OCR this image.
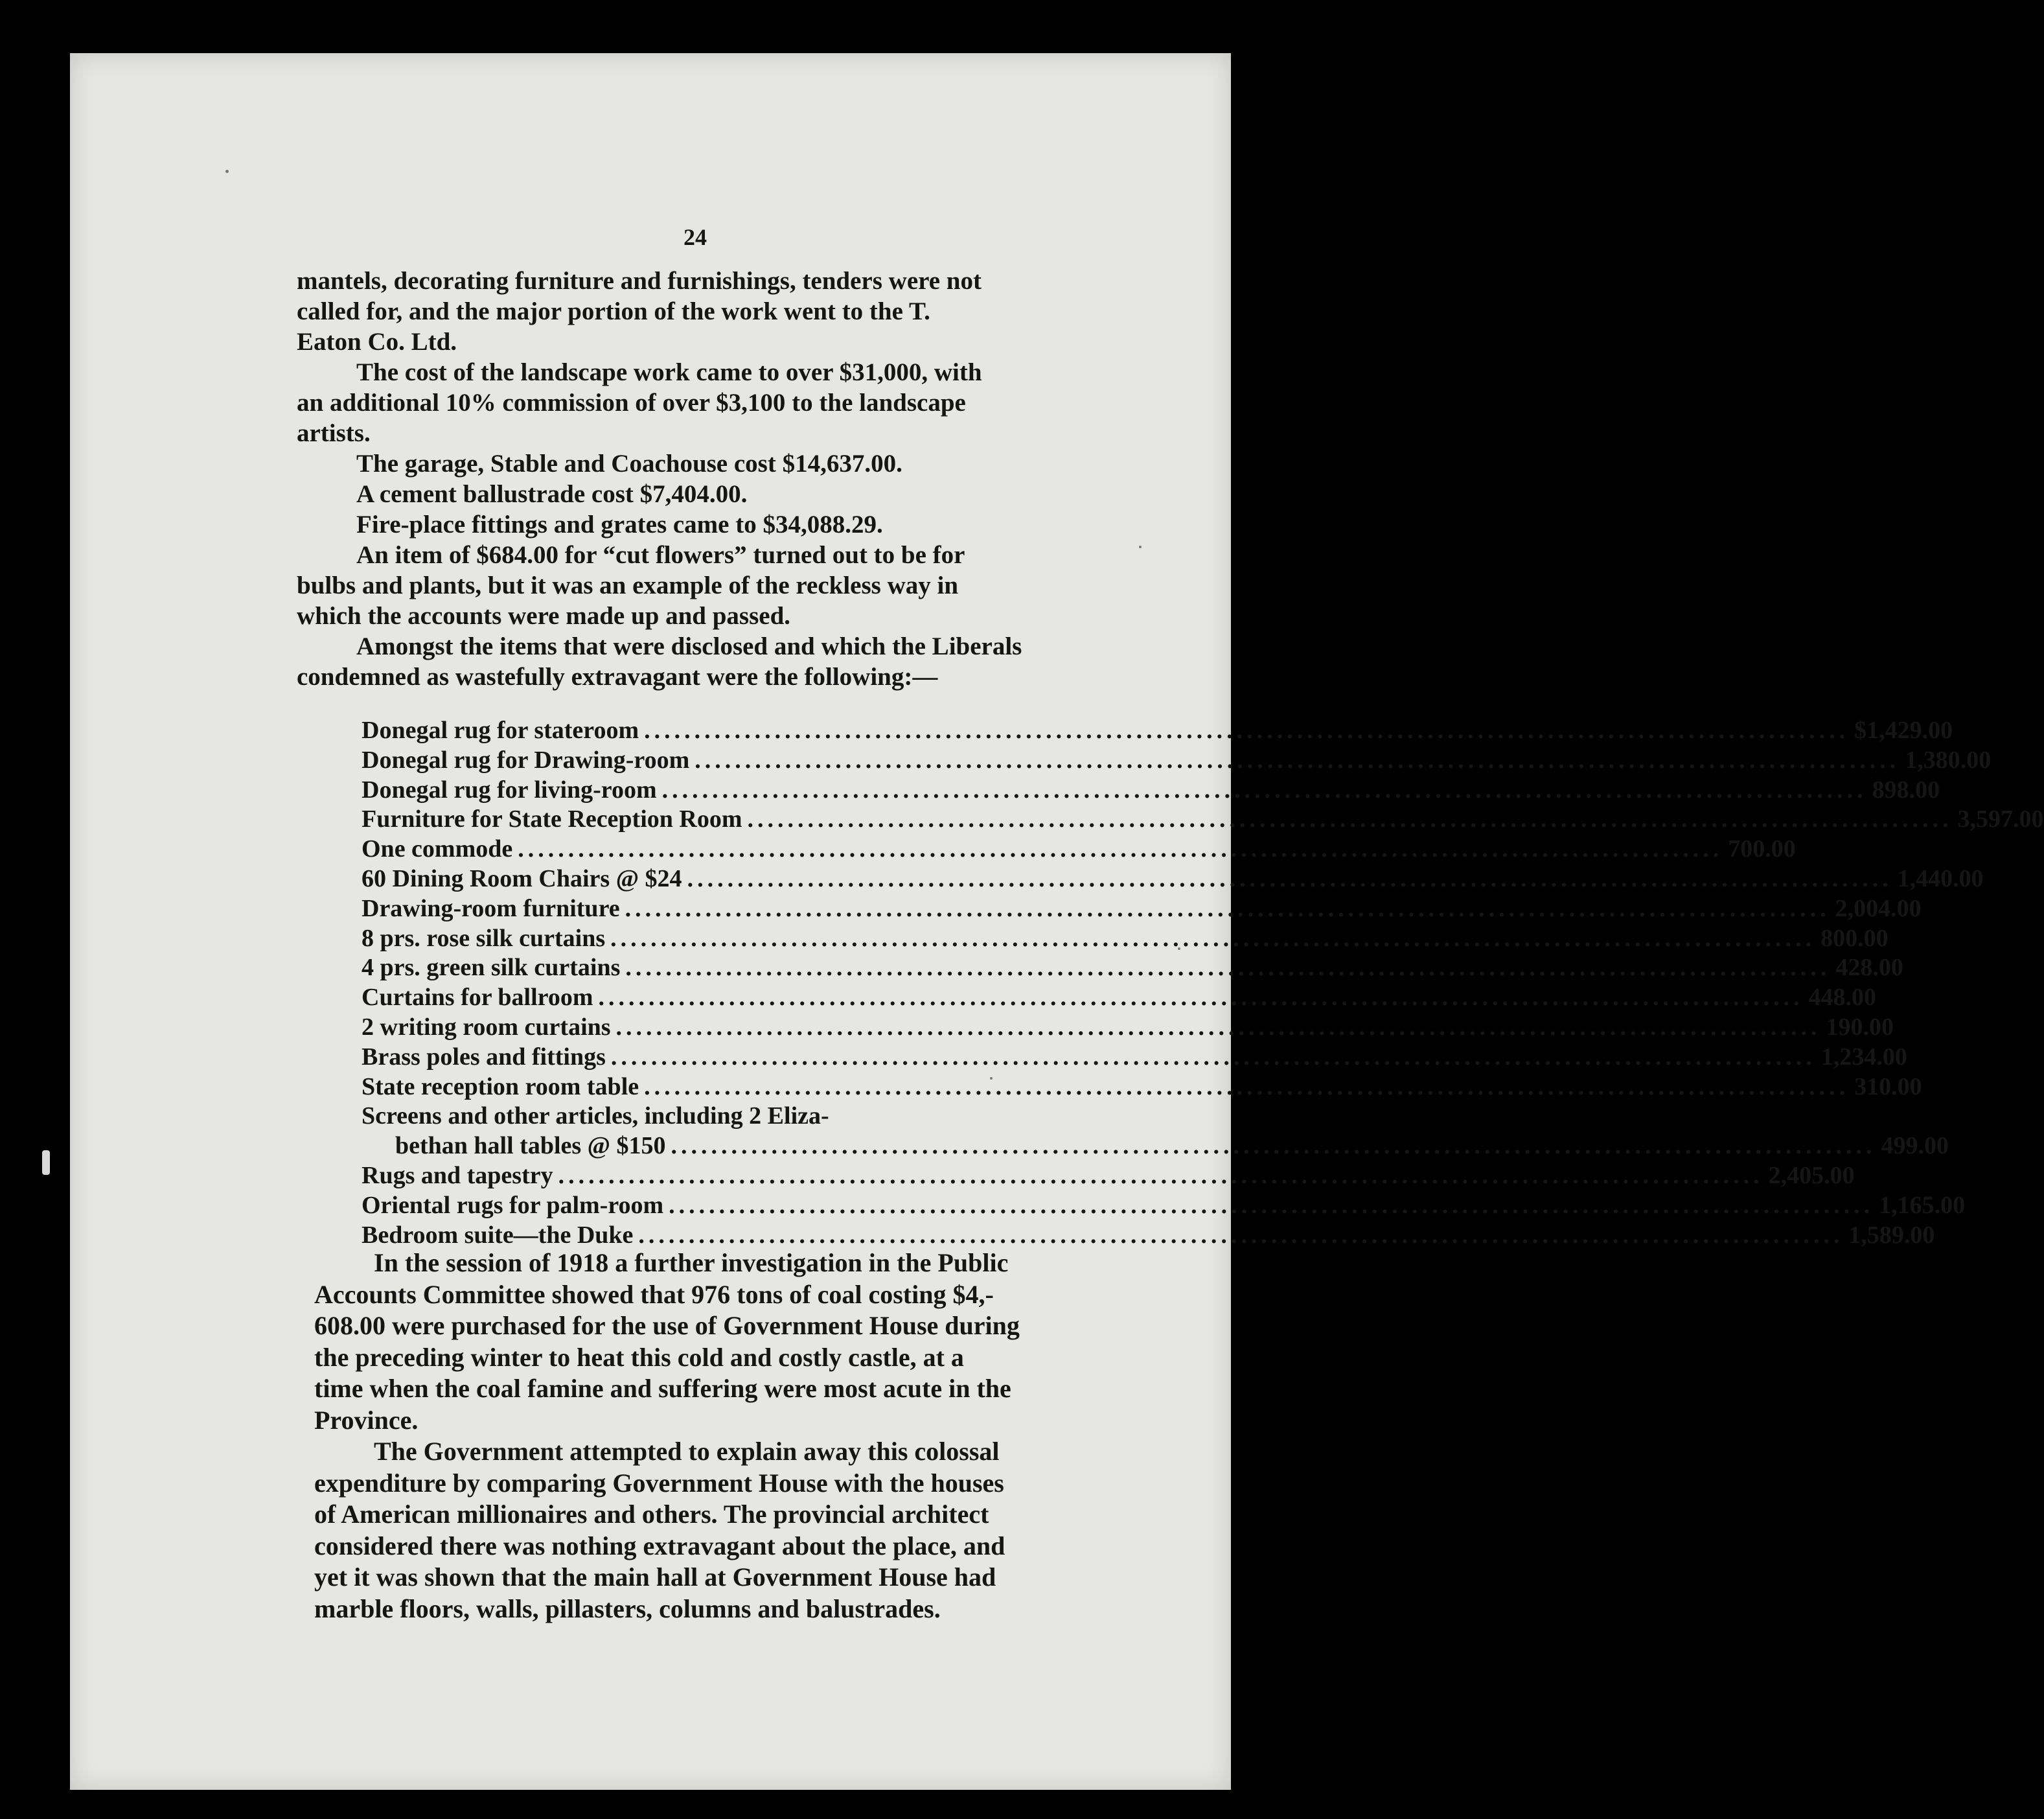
24
mantels, decorating furniture and furnishings, tenders were not
called for, and the major portion of the work went to the T.
Eaton Co. Ltd.
The cost of the landscape work came to over $31,000, with
an additional 10% commission of over $3,100 to the landscape
artists.
The garage, Stable and Coachouse cost $14,637.00.
A cement ballustrade cost $7,404.00.
Fire-place fittings and grates came to $34,088.29.
An item of $684.00 for “cut flowers” turned out to be for
bulbs and plants, but it was an example of the reckless way in
which the accounts were made up and passed.
Amongst the items that were disclosed and which the Liberals
condemned as wastefully extravagant were the following:—
Donegal rug for stateroom ........................................................................................................................ $1,429.00
Donegal rug for Drawing-room ........................................................................................................................ 1,380.00
Donegal rug for living-room ........................................................................................................................ 898.00
Furniture for State Reception Room ........................................................................................................................ 3,597.00
One commode ........................................................................................................................ 700.00
60 Dining Room Chairs @ $24 ........................................................................................................................ 1,440.00
Drawing-room furniture ........................................................................................................................ 2,004.00
8 prs. rose silk curtains ........................................................................................................................ 800.00
4 prs. green silk curtains ........................................................................................................................ 428.00
Curtains for ballroom ........................................................................................................................ 448.00
2 writing room curtains ........................................................................................................................ 190.00
Brass poles and fittings ........................................................................................................................ 1,234.00
State reception room table ........................................................................................................................ 310.00
Screens and other articles, including 2 Eliza-
bethan hall tables @ $150 ........................................................................................................................ 499.00
Rugs and tapestry ........................................................................................................................ 2,405.00
Oriental rugs for palm-room ........................................................................................................................ 1,165.00
Bedroom suite—the Duke ........................................................................................................................ 1,589.00
In the session of 1918 a further investigation in the Public
Accounts Committee showed that 976 tons of coal costing $4,-
608.00 were purchased for the use of Government House during
the preceding winter to heat this cold and costly castle, at a
time when the coal famine and suffering were most acute in the
Province.
The Government attempted to explain away this colossal
expenditure by comparing Government House with the houses
of American millionaires and others. The provincial architect
considered there was nothing extravagant about the place, and
yet it was shown that the main hall at Government House had
marble floors, walls, pillasters, columns and balustrades.
